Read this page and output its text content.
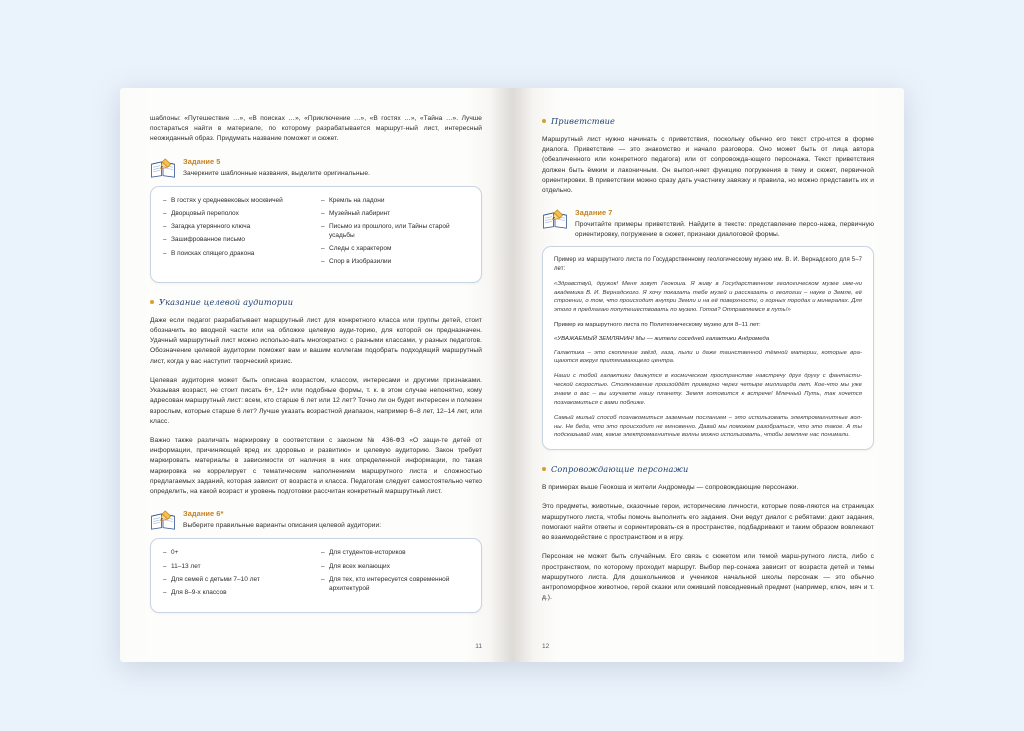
шаблоны: «Путешествие …», «В поисках …», «Приключение …», «В гостях …», «Тайна …». Лучше постараться найти в материале, по которому разрабатывается маршрут-ный лист, интересный неожиданный образ. Придумать название поможет и сюжет.

Задание 5

Зачеркните шаблонные названия, выделите оригинальные.

– В гостях у средневековых москвичей
– Дворцовый переполох
– Загадка утерянного ключа
– Зашифрованное письмо
– В поисках спящего дракона
– Кремль на ладони
– Музейный лабиринт
– Письмо из прошлого, или Тайны старой усадьбы
– Следы с характером
– Спор в Изобразилии
Указание целевой аудитории

Даже если педагог разрабатывает маршрутный лист для конкретного класса или группы детей, стоит обозначить во вводной части или на обложке целевую ауди-торию, для которой он предназначен. Удачный маршрутный лист можно использо-вать многократно: с разными классами, у разных педагогов. Обозначение целевой аудитории поможет вам и вашим коллегам подобрать подходящий маршрутный лист, когда у вас наступит творческий кризис.

Целевая аудитория может быть описана возрастом, классом, интересами и другими признаками. Указывая возраст, не стоит писать 6+, 12+ или подобные формы, т. к. в этом случае непонятно, кому адресован маршрутный лист: всем, кто старше 6 лет или 12 лет? Точно ли он будет интересен и полезен взрослым, которые старше 6 лет? Лучше указать возрастной диапазон, например 6–8 лет, 12–14 лет, или класс.

Важно также различать маркировку в соответствии с законом № 436-ФЗ «О защи-те детей от информации, причиняющей вред их здоровью и развитию» и целевую аудиторию. Закон требует маркировать материалы в зависимости от наличия в них определенной информации, по такая маркировка не коррелирует с тематическим наполнением маршрутного листа и сложностью предлагаемых заданий, которая зависит от возраста и класса. Педагогам следует самостоятельно четко определить, на какой возраст и уровень подготовки рассчитан конкретный маршрутный лист.

Задание 6*

Выберите правильные варианты описания целевой аудитории:

– 0+
– 11–13 лет
– Для семей с детьми 7–10 лет
– Для 8–9-х классов
– Для студентов-историков
– Для всех желающих
– Для тех, кто интересуется современной архитектурой
11
Приветствие

Маршрутный лист нужно начинать с приветствия, поскольку обычно его текст стро-ится в форме диалога. Приветствие — это знакомство и начало разговора. Оно может быть от лица автора (обезличенного или конкретного педагога) или от сопровожда-ющего персонажа. Текст приветствия должен быть ёмким и лаконичным. Он выпол-няет функцию погружения в тему и сюжет, первичной ориентировки. В приветствии можно сразу дать участнику завязку и правила, но можно представить их и отдельно.

Задание 7

Прочитайте примеры приветствий. Найдите в тексте: представление персо-нажа, первичную ориентировку, погружение в сюжет, признаки диалоговой формы.

Пример из маршрутного листа по Государственному геологическому музею им. В. И. Вернадского для 5–7 лет:

«Здравствуй, дружок! Меня зовут Геокоша. Я живу в Государственном геологическом музее име-ни академика В. И. Вернадского. Я хочу показать тебе музей и рассказать о геологии – науке о Земле, её строении, о том, что происходит внутри Земли и на её поверхности, о горных породах и минералах. Для этого я предлагаю попутешествовать по музею. Готов? Отправляемся в путь!»

Пример из маршрутного листа по Политехническому музею для 8–11 лет:

«УВАЖАЕМЫЙ ЗЕМЛЯНИН! Мы — жители соседней галактики Андромеда

Галактика – это скопление звёзд, газа, пыли и даже таинственной тёмной материи, которые вра-щаются вокруг притягивающего центра.

Наши с тобой галактики движутся в космическом пространстве навстречу друг другу с фантасти-ческой скоростью. Столкновение произойдёт примерно через четыре миллиарда лет. Кое-что мы уже знаем о вас – вы изучаете нашу планету. Земля готовится к встрече! Млечный Путь, так хочется познакомиться с вами поближе.

Самый милый способ познакомиться заземным посланием – это использовать электромагнитные вол-ны. Не беда, что это происходит не мгновенно. Давай мы поможем разобраться, что это такое. А ты подсказывай нам, какие электромагнитные волны можно использовать, чтобы земляне нас понимали.

Сопровождающие персонажи

В примерах выше Геокоша и жители Андромеды — сопровождающие персонажи.

Это предметы, животные, сказочные герои, исторические личности, которые появ-ляются на страницах маршрутного листа, чтобы помочь выполнить его задания. Они ведут диалог с ребятами: дают задания, помогают найти ответы и сориентировать-ся в пространстве, подбадривают и таким образом вовлекают во взаимодействие с пространством и в игру.

Персонаж не может быть случайным. Его связь с сюжетом или темой марш-рутного листа, либо с пространством, по которому проходит маршрут. Выбор пер-сонажа зависит от возраста детей и темы маршрутного листа. Для дошкольников и учеников начальной школы персонаж — это обычно антропоморфное животное, герой сказки или оживший повседневный предмет (например, ключ, мяч и т. д.).

12
